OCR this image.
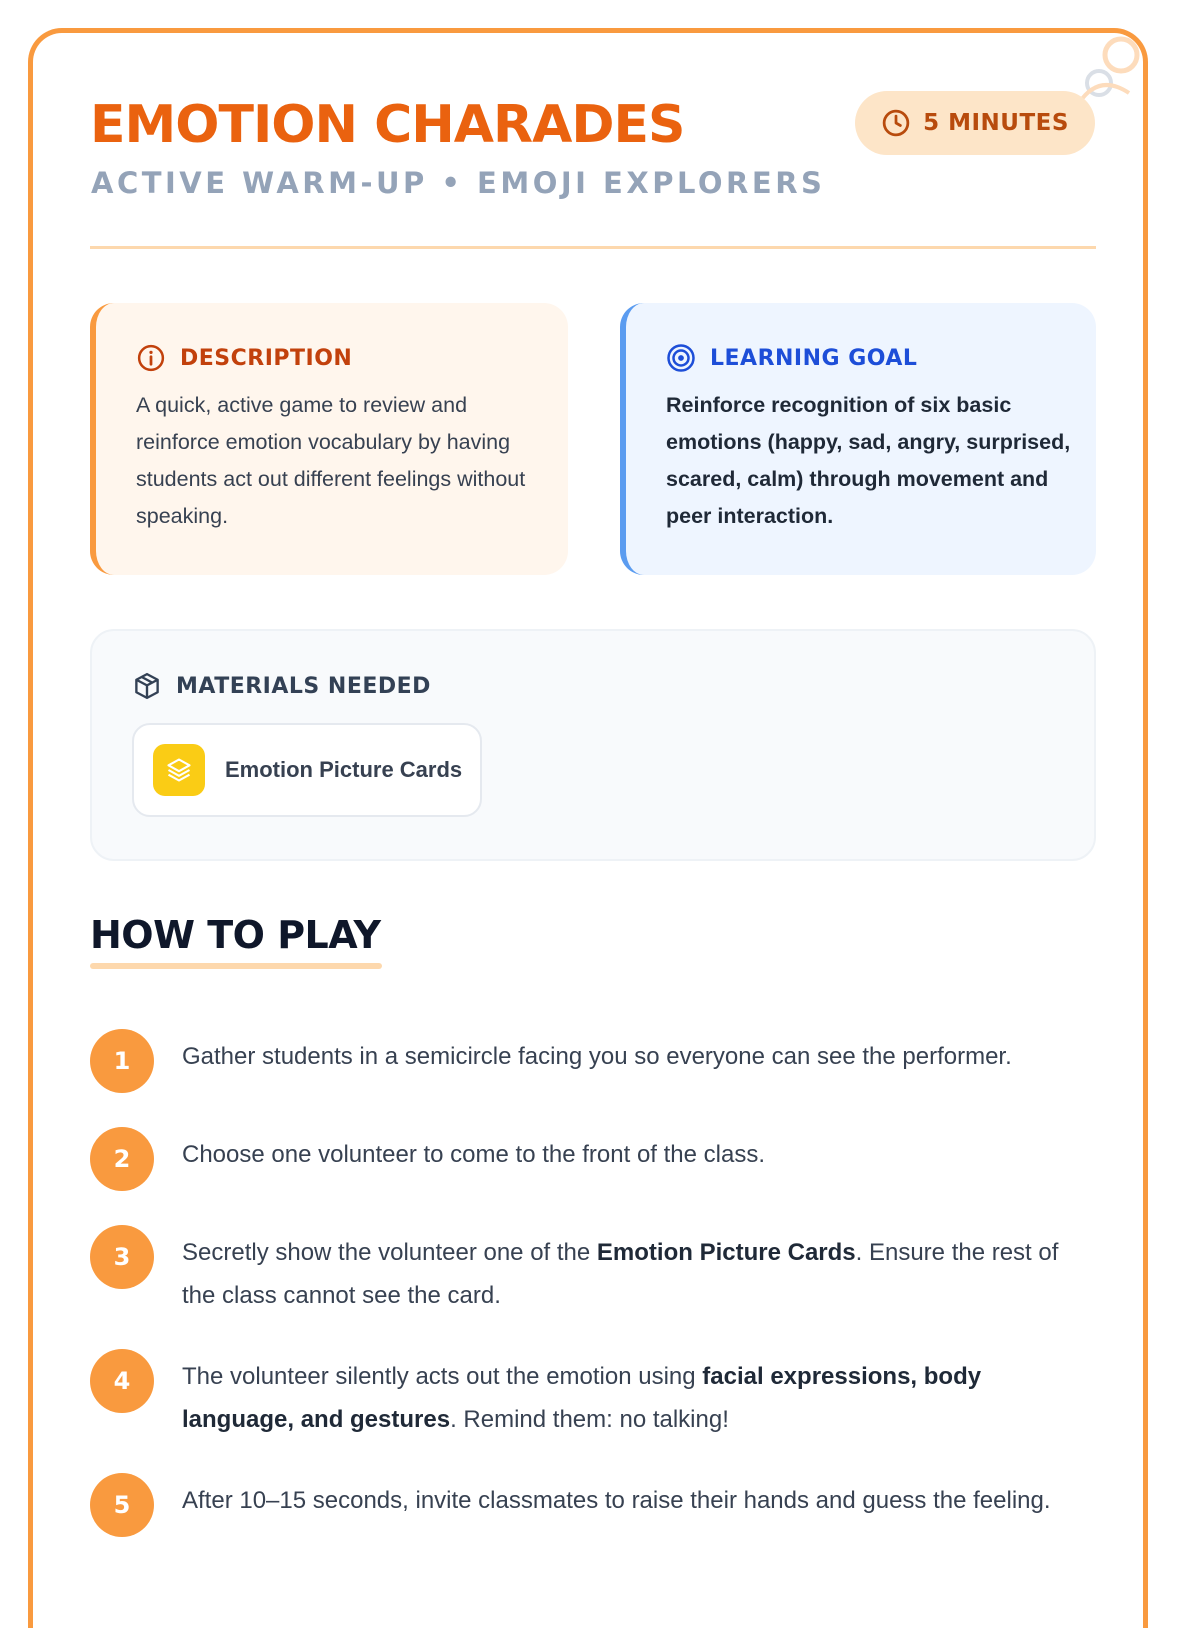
EMOTION CHARADES
ACTIVE WARM-UP • EMOJI EXPLORERS
5 MINUTES
DESCRIPTION
A quick, active game to review and reinforce emotion vocabulary by having students act out different feelings without speaking.
LEARNING GOAL
Reinforce recognition of six basic emotions (happy, sad, angry, surprised, scared, calm) through movement and peer interaction.
MATERIALS NEEDED
Emotion Picture Cards
HOW TO PLAY
1	Gather students in a semicircle facing you so everyone can see the performer.
2	Choose one volunteer to come to the front of the class.
3	Secretly show the volunteer one of the Emotion Picture Cards. Ensure the rest of the class cannot see the card.
4	The volunteer silently acts out the emotion using facial expressions, body language, and gestures. Remind them: no talking!
5	After 10–15 seconds, invite classmates to raise their hands and guess the feeling.
